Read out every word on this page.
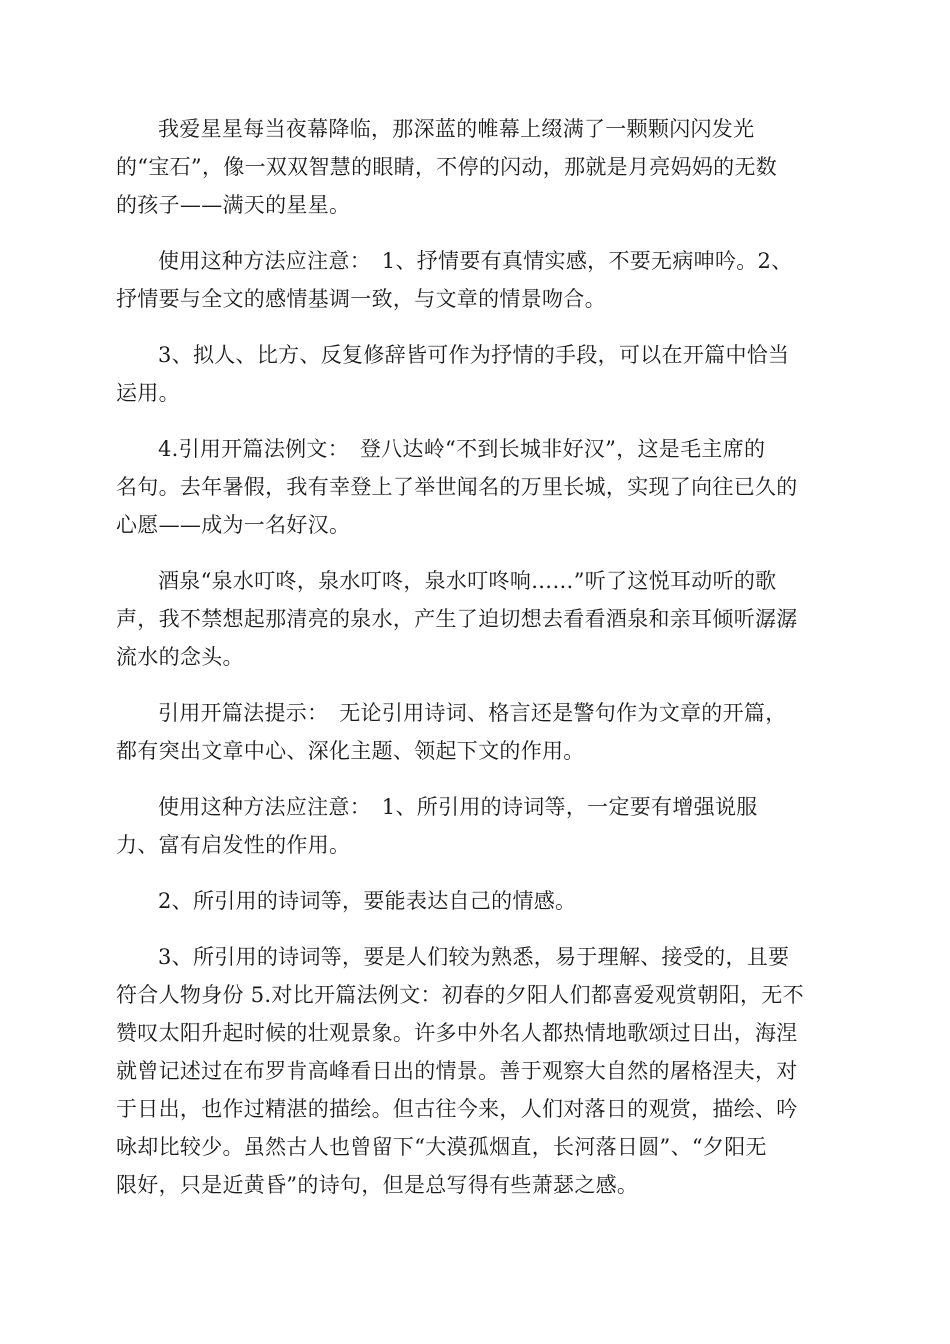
我爱星星每当夜幕降临，那深蓝的帷幕上缀满了一颗颗闪闪发光
的“宝石”，像一双双智慧的眼睛，不停的闪动，那就是月亮妈妈的无数
的孩子——满天的星星。

使用这种方法应注意：　1、抒情要有真情实感，不要无病呻吟。2、
抒情要与全文的感情基调一致，与文章的情景吻合。

3、拟人、比方、反复修辞皆可作为抒情的手段，可以在开篇中恰当
运用。

4.引用开篇法例文：　登八达岭“不到长城非好汉”，这是毛主席的
名句。去年暑假，我有幸登上了举世闻名的万里长城，实现了向往已久的
心愿——成为一名好汉。

酒泉“泉水叮咚，泉水叮咚，泉水叮咚响……”听了这悦耳动听的歌
声，我不禁想起那清亮的泉水，产生了迫切想去看看酒泉和亲耳倾听潺潺
流水的念头。

引用开篇法提示：　无论引用诗词、格言还是警句作为文章的开篇，
都有突出文章中心、深化主题、领起下文的作用。

使用这种方法应注意：　1、所引用的诗词等，一定要有增强说服
力、富有启发性的作用。

2、所引用的诗词等，要能表达自己的情感。

3、所引用的诗词等，要是人们较为熟悉，易于理解、接受的，且要
符合人物身份 5.对比开篇法例文：初春的夕阳人们都喜爱观赏朝阳，无不
赞叹太阳升起时候的壮观景象。许多中外名人都热情地歌颂过日出，海涅
就曾记述过在布罗肯高峰看日出的情景。善于观察大自然的屠格涅夫，对
于日出，也作过精湛的描绘。但古往今来，人们对落日的观赏，描绘、吟
咏却比较少。虽然古人也曾留下“大漠孤烟直，长河落日圆”、“夕阳无
限好，只是近黄昏”的诗句，但是总写得有些萧瑟之感。
